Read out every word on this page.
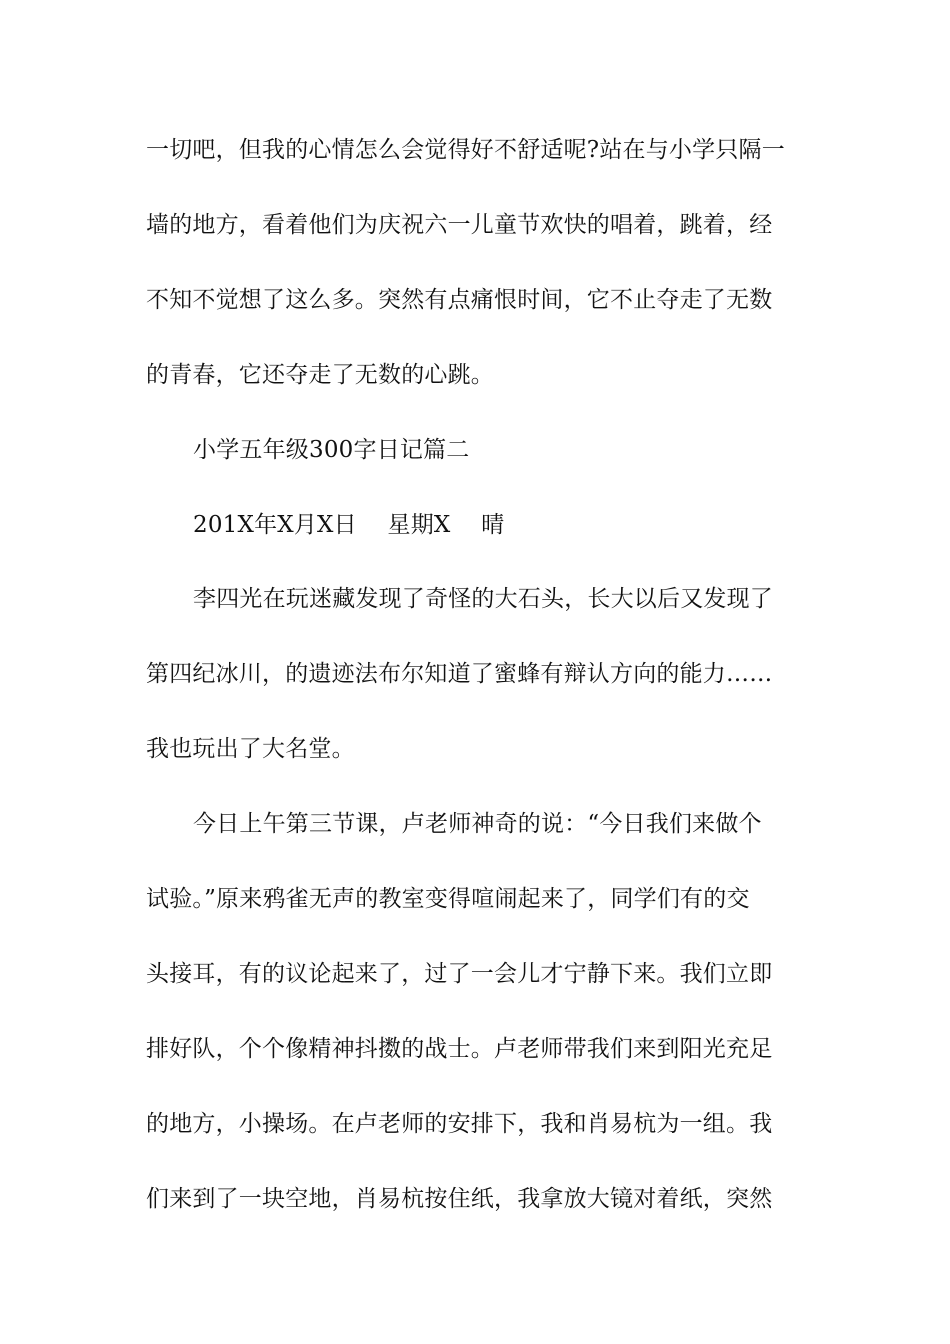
一切吧，但我的心情怎么会觉得好不舒适呢?站在与小学只隔一
墙的地方，看着他们为庆祝六一儿童节欢快的唱着，跳着，经
不知不觉想了这么多。突然有点痛恨时间，它不止夺走了无数
的青春，它还夺走了无数的心跳。
小学五年级300字日记篇二
201X年X月X日　 星期X　 晴
李四光在玩迷藏发现了奇怪的大石头，长大以后又发现了
第四纪冰川，的遗迹法布尔知道了蜜蜂有辩认方向的能力……
我也玩出了大名堂。
今日上午第三节课，卢老师神奇的说：“今日我们来做个
试验。”原来鸦雀无声的教室变得喧闹起来了，同学们有的交
头接耳，有的议论起来了，过了一会儿才宁静下来。我们立即
排好队，个个像精神抖擞的战士。卢老师带我们来到阳光充足
的地方，小操场。在卢老师的安排下，我和肖易杭为一组。我
们来到了一块空地，肖易杭按住纸，我拿放大镜对着纸，突然
